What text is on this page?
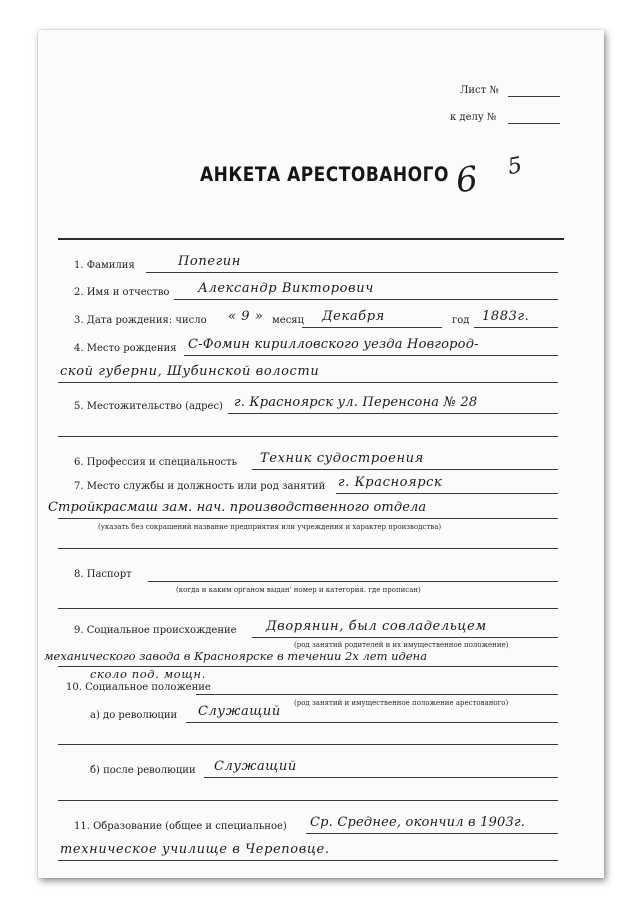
Лист №
к делу №
АНКЕТА АРЕСТОВАНОГО 6 5
1. Фамилия	Попегин
2. Имя и отчество Александр Викторович
3. Дата рождения: число « 9 » месяц Декабря	год 1883г.
4. Место рождения С-Фомин кирилловского уезда Новгород-
ской губерни, Шубинской волости
5. Местожительство (адрес) г. Красноярск ул. Перенсона № 28
6. Профессия и специальность Техник судостроения
7. Место службы и должность или род занятий г. Красноярск
Стройкрасмаш зам. нач. производственного отдела
(указать без сокращений название предприятия или учреждения и характер производства)
8. Паспорт
(когда и каким органом выдан' номер и категория. где прописан)
9. Социальное происхождение Дворянин, был совладельцем
(род занятий родителей и их имущественное положение)
механического завода в Красноярске в течении 2х лет идена
сколо под. мощн.
10. Социальное положение
(род занятий и имущественное положение арестованого)
а) до революции Служащий
б) после революции Служащий
11. Образование (общее и специальное) Ср. Среднее, окончил в 1903г.
техническое училище в Череповце.
